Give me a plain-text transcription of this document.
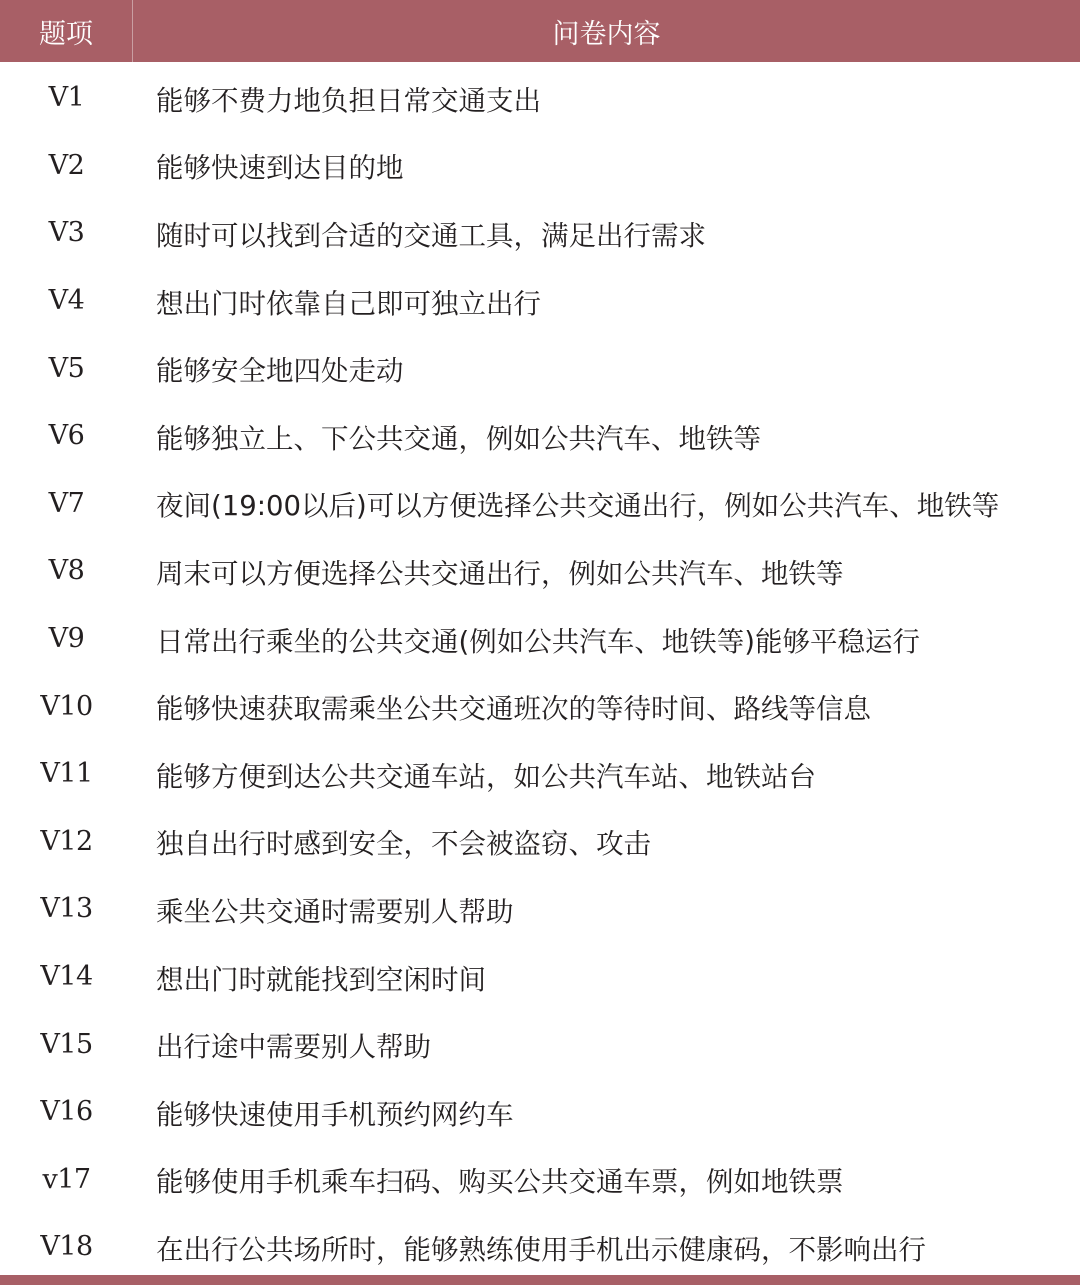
题项	问卷内容
V1	能够不费力地负担日常交通支出
V2	能够快速到达目的地
V3	随时可以找到合适的交通工具，满足出行需求
V4	想出门时依靠自己即可独立出行
V5	能够安全地四处走动
V6	能够独立上、下公共交通，例如公共汽车、地铁等
V7	夜间(19:00以后)可以方便选择公共交通出行，例如公共汽车、地铁等
V8	周末可以方便选择公共交通出行，例如公共汽车、地铁等
V9	日常出行乘坐的公共交通(例如公共汽车、地铁等)能够平稳运行
V10	能够快速获取需乘坐公共交通班次的等待时间、路线等信息
V11	能够方便到达公共交通车站，如公共汽车站、地铁站台
V12	独自出行时感到安全，不会被盗窃、攻击
V13	乘坐公共交通时需要别人帮助
V14	想出门时就能找到空闲时间
V15	出行途中需要别人帮助
V16	能够快速使用手机预约网约车
v17	能够使用手机乘车扫码、购买公共交通车票，例如地铁票
V18	在出行公共场所时，能够熟练使用手机出示健康码，不影响出行
